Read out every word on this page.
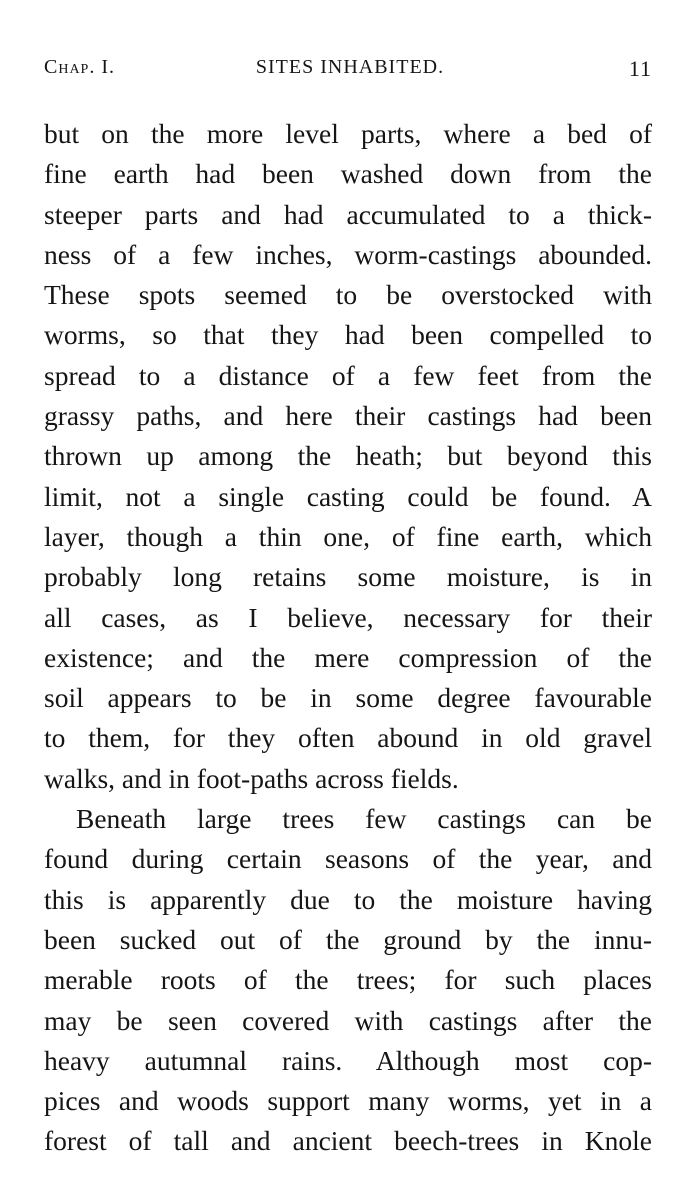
Chap. I.	SITES INHABITED.	11
but on the more level parts, where a bed of
fine earth had been washed down from the
steeper parts and had accumulated to a thick-
ness of a few inches, worm-castings abounded.
These spots seemed to be overstocked with
worms, so that they had been compelled to
spread to a distance of a few feet from the
grassy paths, and here their castings had been
thrown up among the heath; but beyond this
limit, not a single casting could be found. A
layer, though a thin one, of fine earth, which
probably long retains some moisture, is in
all cases, as I believe, necessary for their
existence; and the mere compression of the
soil appears to be in some degree favourable
to them, for they often abound in old gravel
walks, and in foot-paths across fields.
Beneath large trees few castings can be
found during certain seasons of the year, and
this is apparently due to the moisture having
been sucked out of the ground by the innu-
merable roots of the trees; for such places
may be seen covered with castings after the
heavy autumnal rains. Although most cop-
pices and woods support many worms, yet in a
forest of tall and ancient beech-trees in Knole
